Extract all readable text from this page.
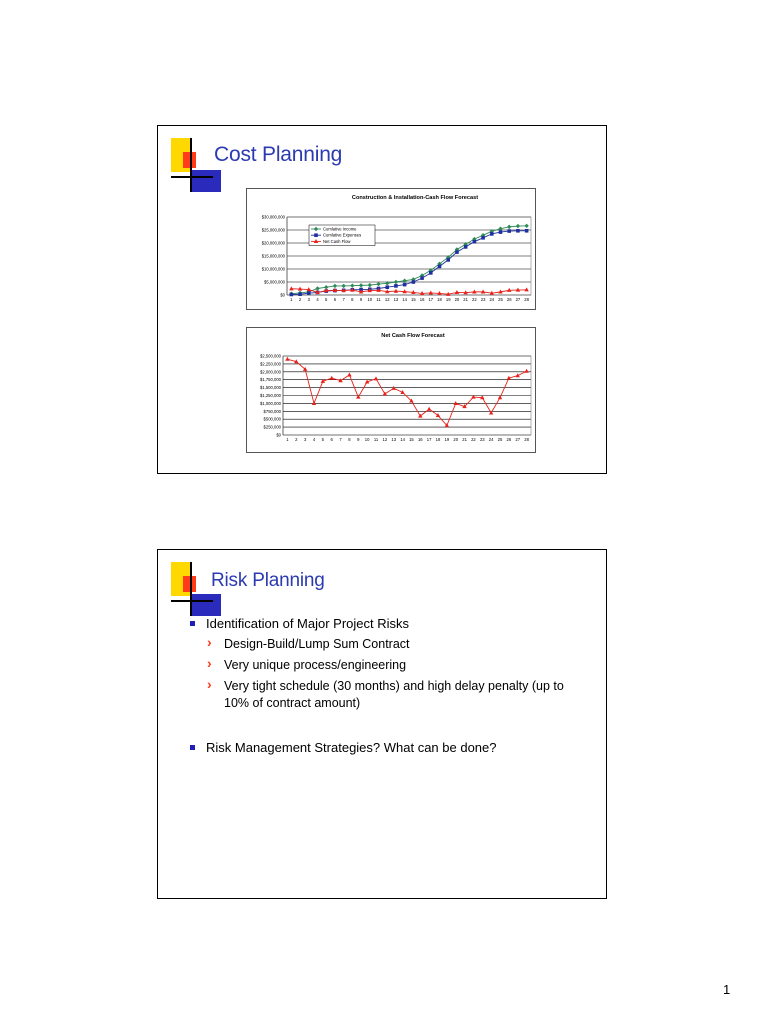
Cost Planning
Construction & Installation-Cash Flow Forecast
$0
$5,000,000
$10,000,000
$15,000,000
$20,000,000
$25,000,000
$30,000,000
1 2 3 4 5 6 7 8 9 10 11 12 13 14 15 16 17 18 19 20 21 22 23 24 25 26 27 28
Cumlative Income
Cumlative Expenses
Net Cash Flow
Net Cash Flow Forecast
$0
$250,000
$500,000
$750,000
$1,000,000
$1,250,000
$1,500,000
$1,750,000
$2,000,000
$2,250,000
$2,500,000
1 2 3 4 5 6 7 8 9 10 11 12 13 14 15 16 17 18 19 20 21 22 23 24 25 26 27 28
Risk Planning
Identification of Major Project Risks
› Design-Build/Lump Sum Contract
› Very unique process/engineering
› Very tight schedule (30 months) and high delay penalty (up to 10% of contract amount)
Risk Management Strategies? What can be done?
1
